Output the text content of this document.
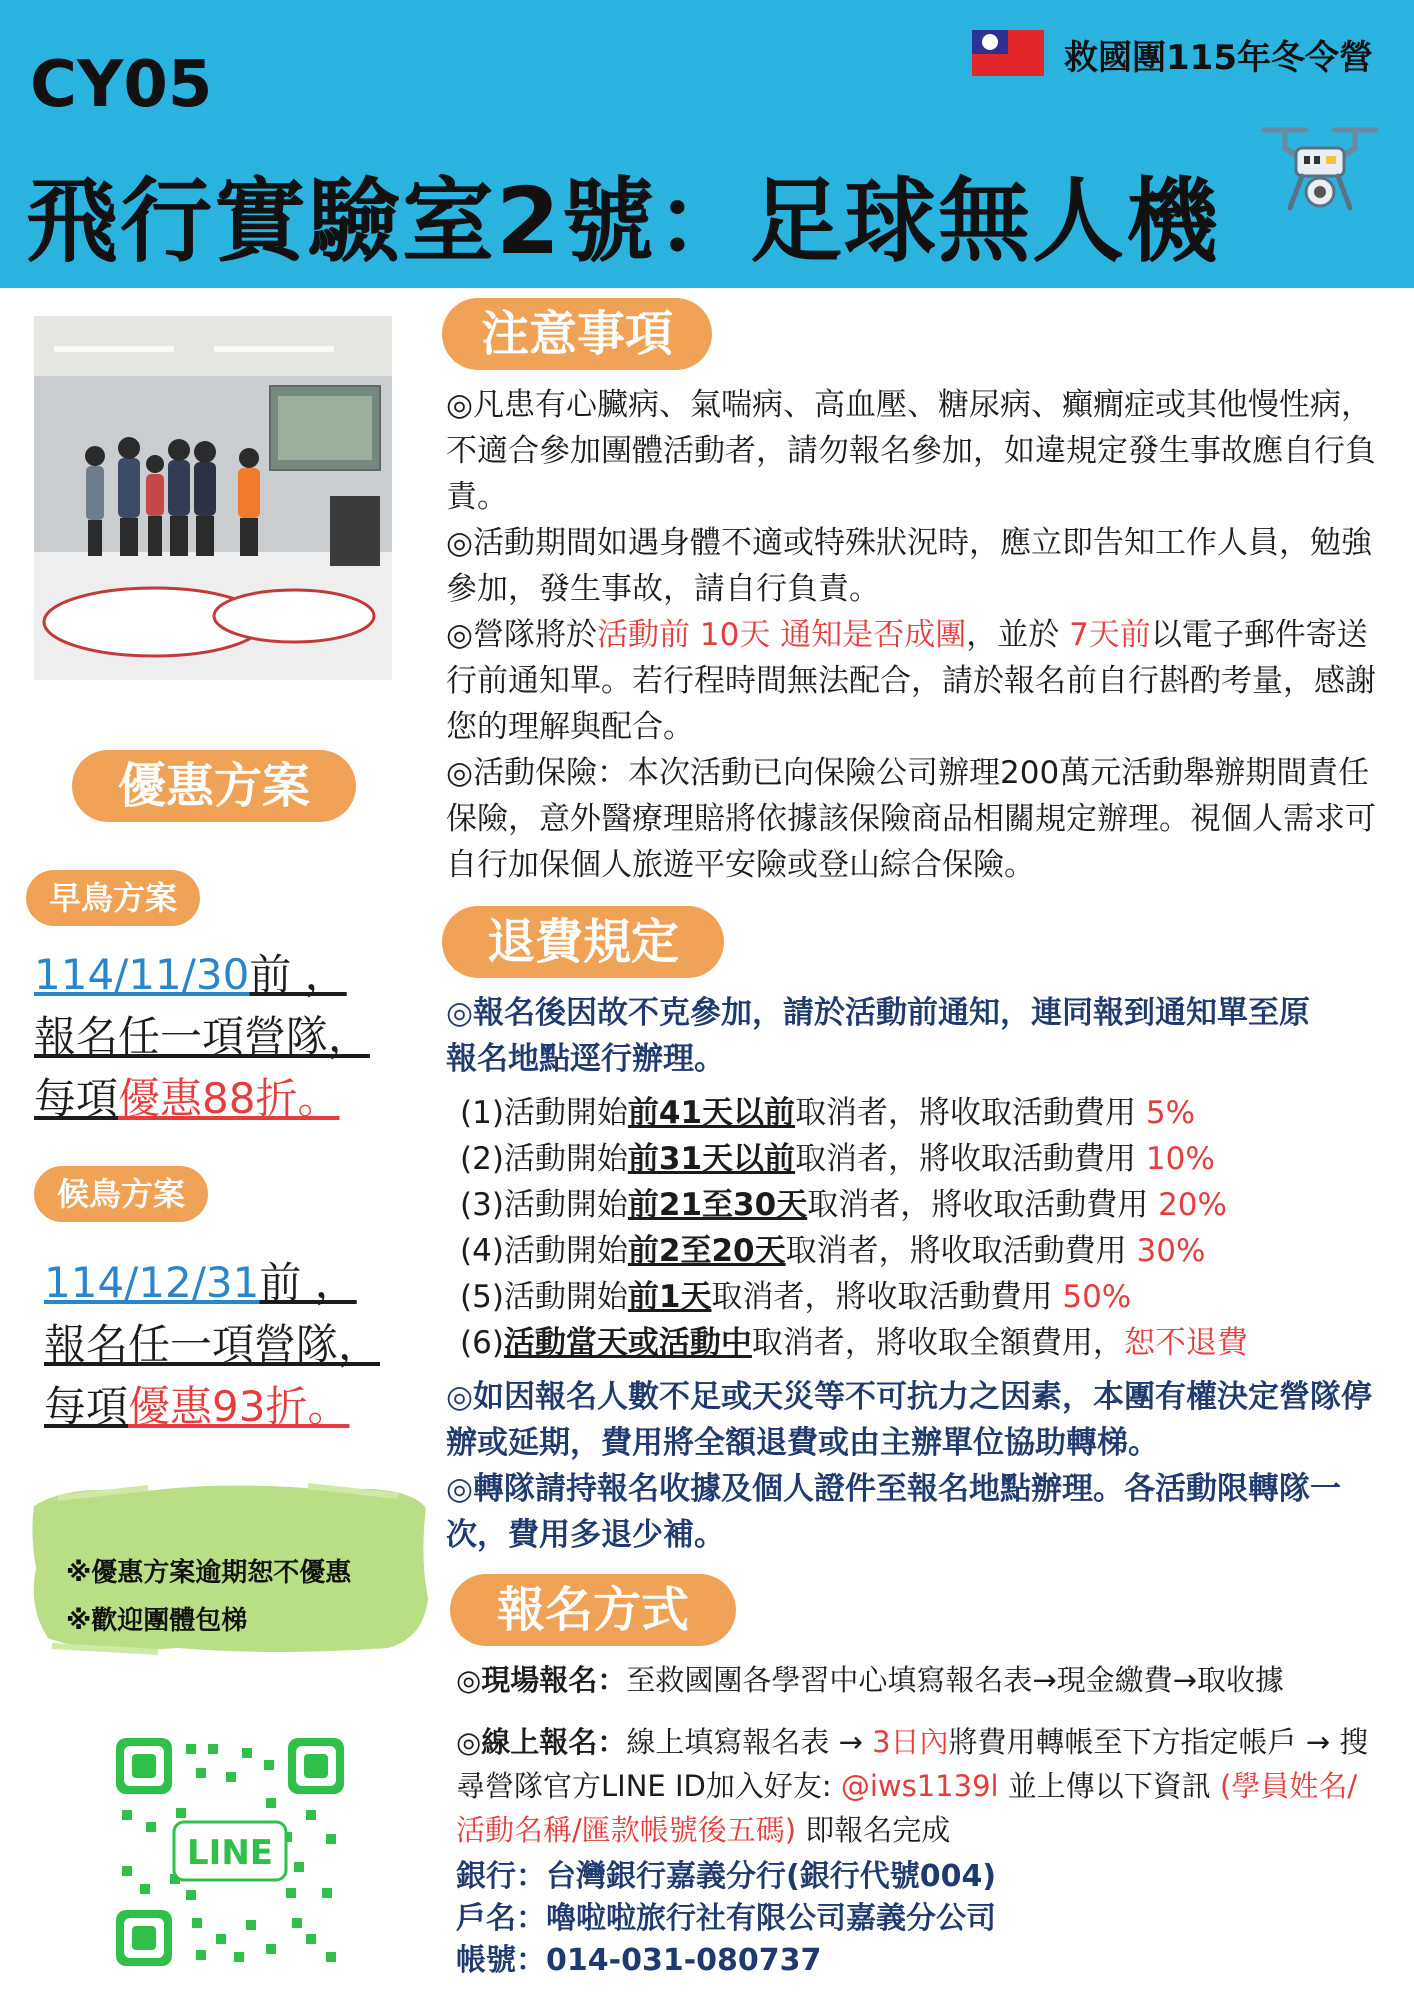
CY05	救國團115年冬令營
飛行實驗室2號：足球無人機
優惠方案
早鳥方案
114/11/30前 ，
報名任一項營隊，
每項優惠88折。
候鳥方案
114/12/31前 ，
報名任一項營隊，
每項優惠93折。
※優惠方案逾期恕不優惠
※歡迎團體包梯
LINE
注意事項

◎凡患有心臟病、氣喘病、高血壓、糖尿病、癲癇症或其他慢性病，不適合參加團體活動者，請勿報名參加，如違規定發生事故應自行負責。

◎活動期間如遇身體不適或特殊狀況時，應立即告知工作人員，勉強參加，發生事故，請自行負責。

◎營隊將於活動前 10天 通知是否成團，並於 7天前以電子郵件寄送行前通知單。若行程時間無法配合，請於報名前自行斟酌考量，感謝您的理解與配合。

◎活動保險：本次活動已向保險公司辦理200萬元活動舉辦期間責任保險，意外醫療理賠將依據該保險商品相關規定辦理。視個人需求可自行加保個人旅遊平安險或登山綜合保險。

退費規定
◎報名後因故不克參加，請於活動前通知，連同報到通知單至原報名地點逕行辦理。
(1)活動開始前41天以前取消者，將收取活動費用 5%
(2)活動開始前31天以前取消者，將收取活動費用 10%
(3)活動開始前21至30天取消者，將收取活動費用 20%
(4)活動開始前2至20天取消者，將收取活動費用 30%
(5)活動開始前1天取消者，將收取活動費用 50%
(6)活動當天或活動中取消者，將收取全額費用，恕不退費
◎如因報名人數不足或天災等不可抗力之因素，本團有權決定營隊停辦或延期，費用將全額退費或由主辦單位協助轉梯。
◎轉隊請持報名收據及個人證件至報名地點辦理。各活動限轉隊一次，費用多退少補。
報名方式
◎現場報名：至救國團各學習中心填寫報名表→現金繳費→取收據
◎線上報名：線上填寫報名表 → 3日內將費用轉帳至下方指定帳戶 → 搜尋營隊官方LINE ID加入好友: @iws1139l 並上傳以下資訊 (學員姓名/活動名稱/匯款帳號後五碼) 即報名完成
銀行：台灣銀行嘉義分行(銀行代號004)
戶名：嚕啦啦旅行社有限公司嘉義分公司
帳號：014-031-080737
